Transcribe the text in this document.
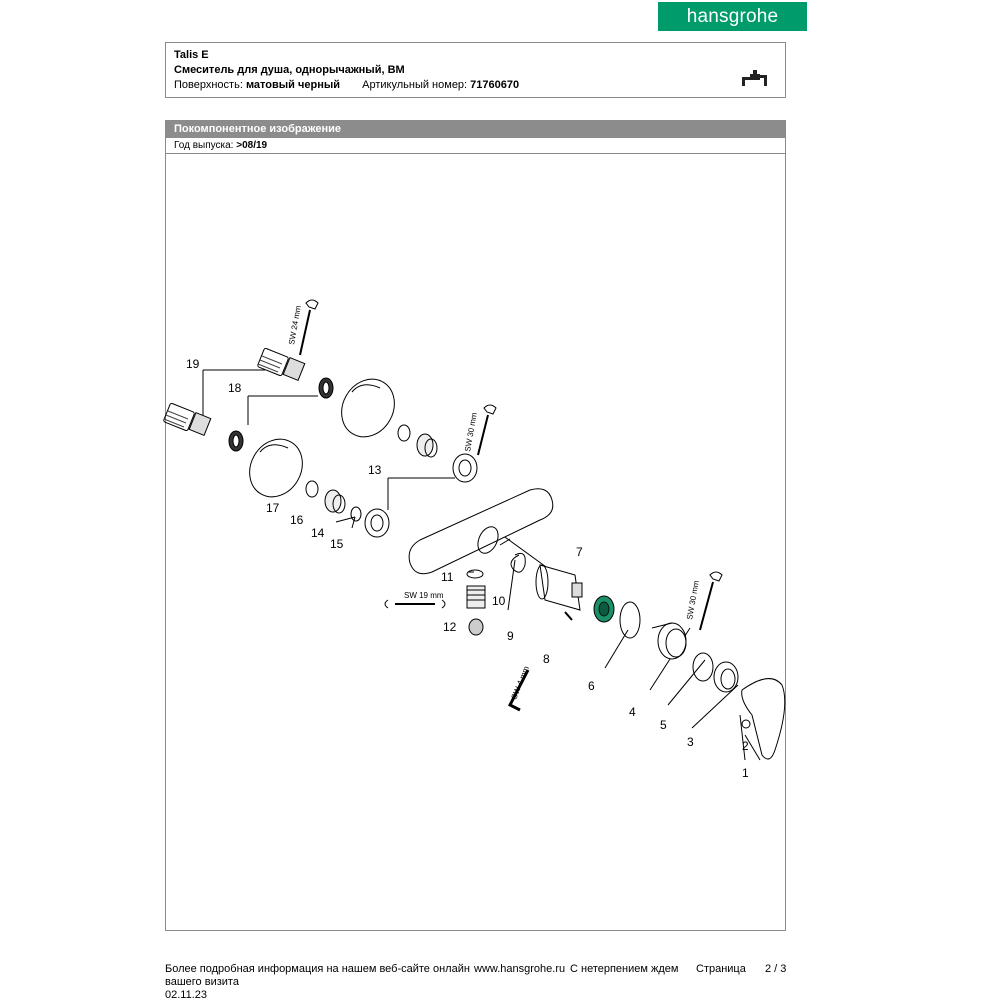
hansgrohe
Talis E
Смеситель для душа, однорычажный, ВМ
Поверхность: матовый черный Артикульный номер: 71760670
Покомпонентное изображение
Год выпуска: >08/19
19
18
13
17
16
14
15
7
11
10
12
9
8
6
4
5
3	2
1
SW 24 mm
SW 30 mm
SW 19 mm	SW 30 mm
SW 4 mm
Более подробная информация на нашем веб-сайте онлайн www.hansgrohe.ru С нетерпением ждем
вашего визита
Страница 2 / 3
02.11.23
